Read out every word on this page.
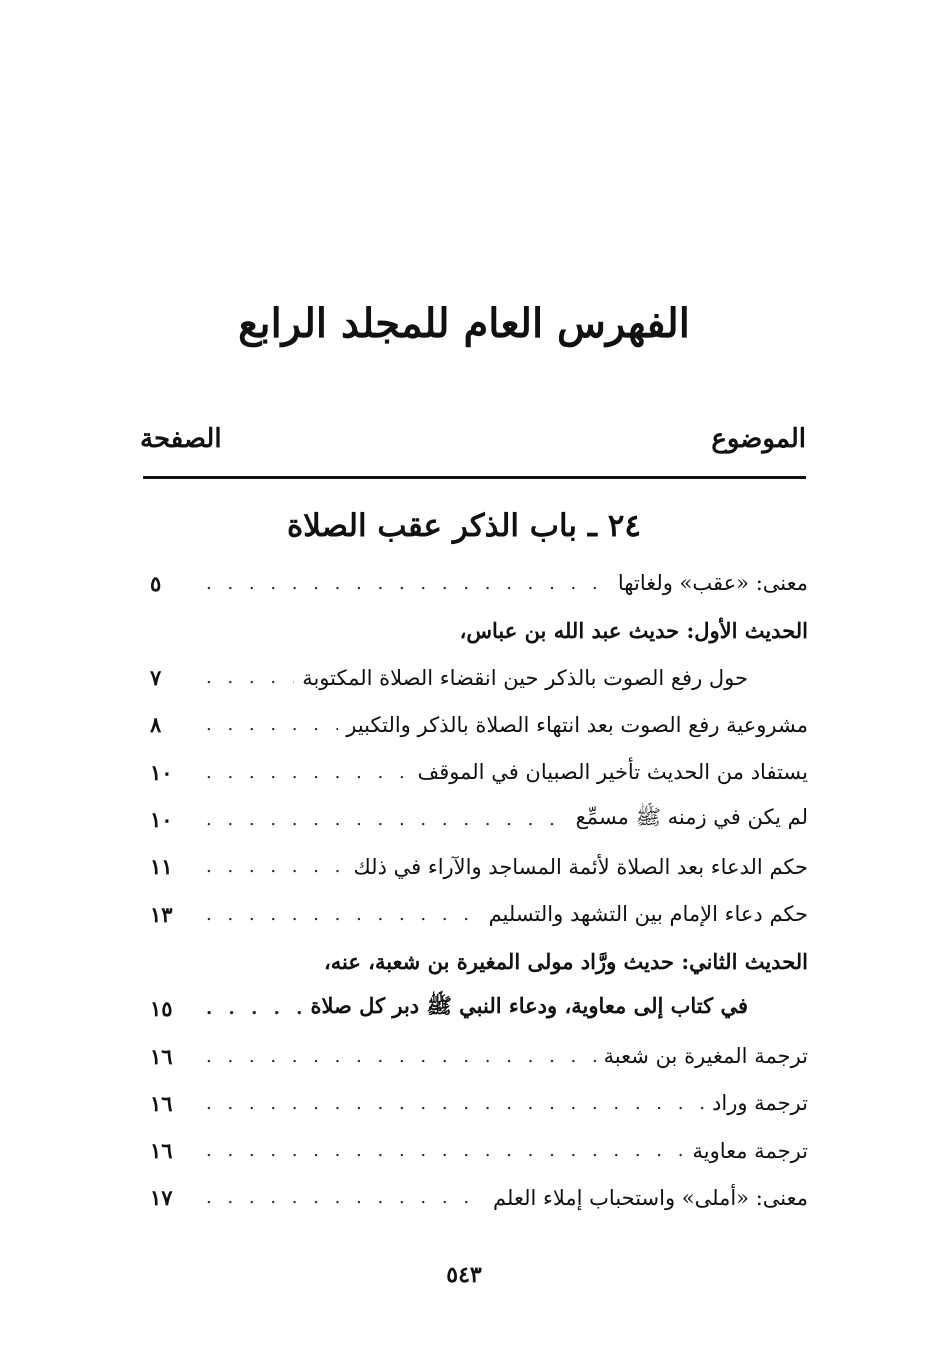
الفهرس العام للمجلد الرابع
الموضوع
الصفحة
٢٤ ـ باب الذكر عقب الصلاة
معنى: «عقب» ولغاتها
. . .
٥
الحديث الأول: حديث عبد الله بن عباس،
حول رفع الصوت بالذكر حين انقضاء الصلاة المكتوبة
. . .
٧
مشروعية رفع الصوت بعد انتهاء الصلاة بالذكر والتكبير
. . .
٨
يستفاد من الحديث تأخير الصبيان في الموقف
. . .
١٠
لم يكن في زمنه ﷺ مسمِّع
. . .
١٠
حكم الدعاء بعد الصلاة لأئمة المساجد والآراء في ذلك
. . .
١١
حكم دعاء الإمام بين التشهد والتسليم
. . .
١٣
الحديث الثاني: حديث ورَّاد مولى المغيرة بن شعبة، عنه،
في كتاب إلى معاوية، ودعاء النبي ﷺ دبر كل صلاة
. . .
١٥
ترجمة المغيرة بن شعبة
. . .
١٦
ترجمة وراد
. . .
١٦
ترجمة معاوية
. . .
١٦
معنى: «أملى» واستحباب إملاء العلم
. . .
١٧
٥٤٣
